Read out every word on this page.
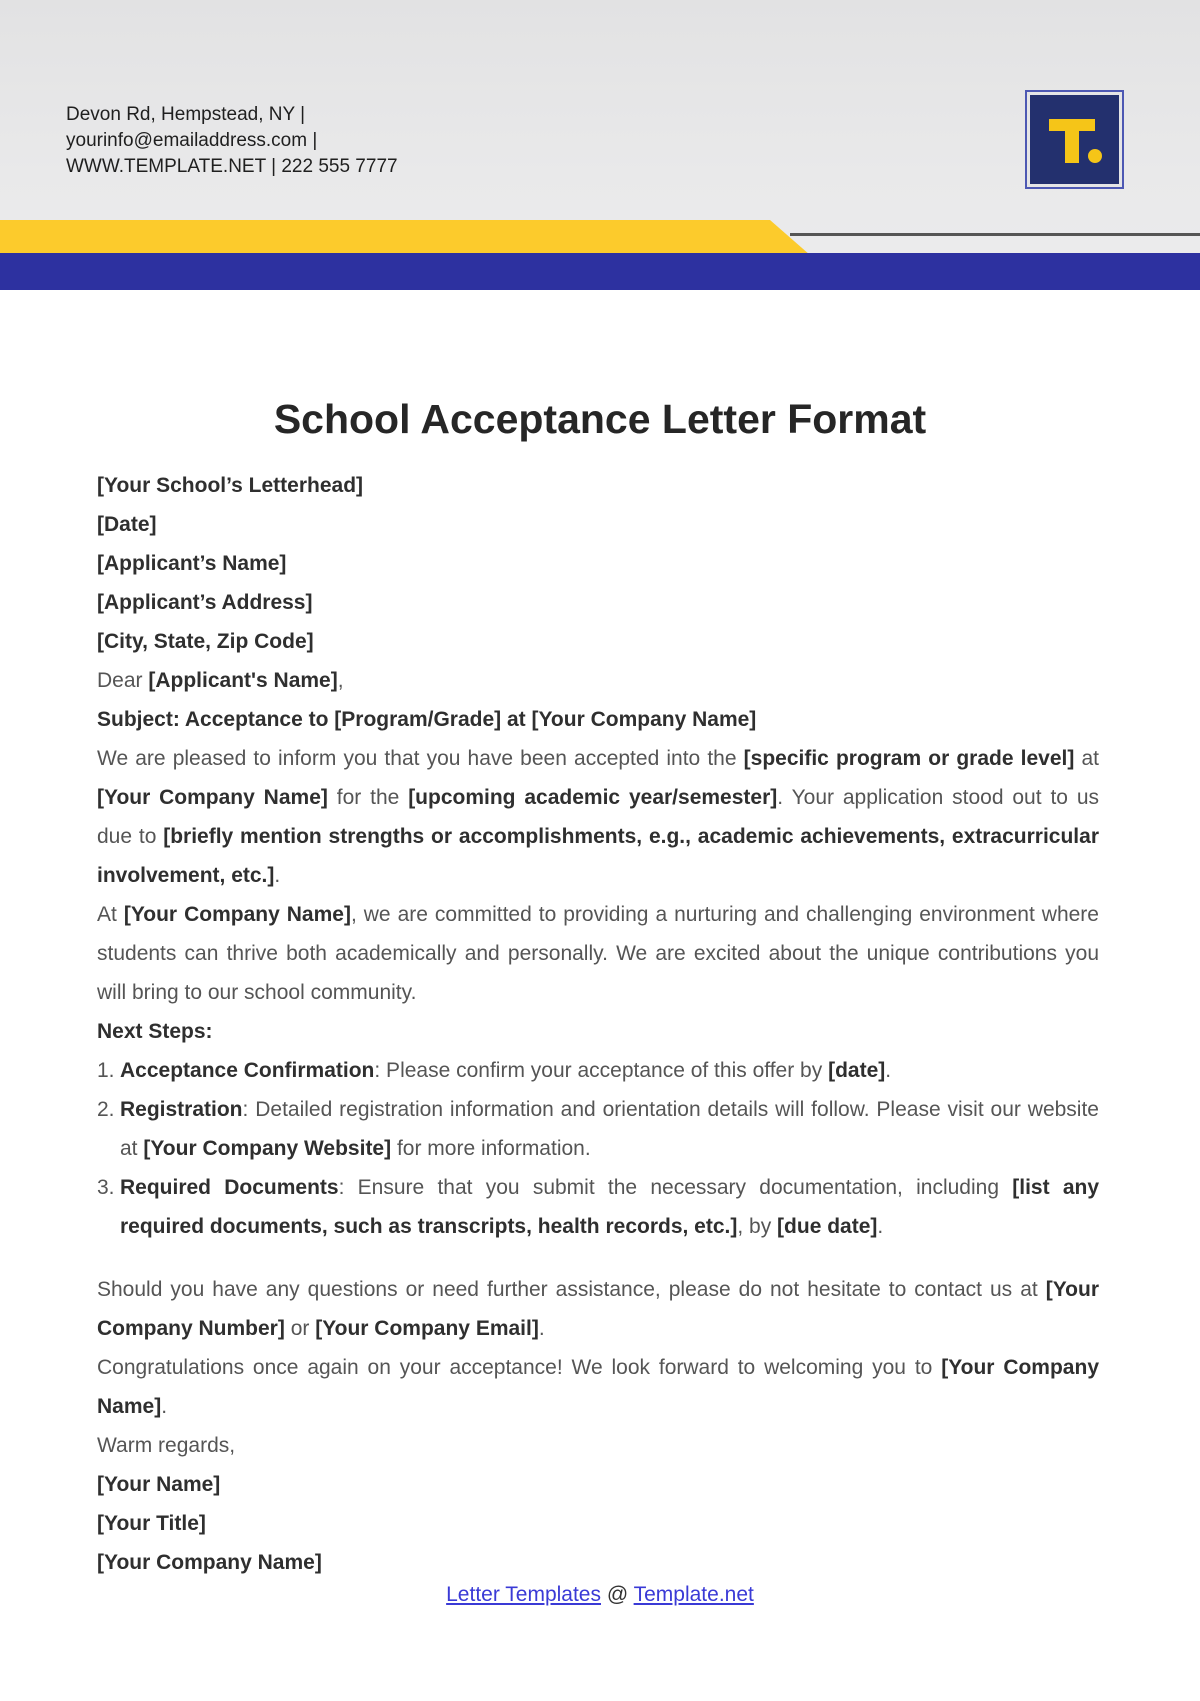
Devon Rd, Hempstead, NY |
yourinfo@emailaddress.com |
WWW.TEMPLATE.NET | 222 555 7777
School Acceptance Letter Format

[Your School’s Letterhead]

[Date]

[Applicant’s Name]

[Applicant’s Address]

[City, State, Zip Code]

Dear [Applicant's Name],

Subject: Acceptance to [Program/Grade] at [Your Company Name]

We are pleased to inform you that you have been accepted into the [specific program or grade level] at [Your Company Name] for the [upcoming academic year/semester]. Your application stood out to us due to [briefly mention strengths or accomplishments, e.g., academic achievements, extracurricular involvement, etc.].

At [Your Company Name], we are committed to providing a nurturing and challenging environment where students can thrive both academically and personally. We are excited about the unique contributions you will bring to our school community.

Next Steps:

1. Acceptance Confirmation: Please confirm your acceptance of this offer by [date].
2. Registration: Detailed registration information and orientation details will follow. Please visit our website at [Your Company Website] for more information.
3. Required Documents: Ensure that you submit the necessary documentation, including [list any required documents, such as transcripts, health records, etc.], by [due date].

Should you have any questions or need further assistance, please do not hesitate to contact us at [Your Company Number] or [Your Company Email].

Congratulations once again on your acceptance! We look forward to welcoming you to [Your Company Name].

Warm regards,

[Your Name]

[Your Title]

[Your Company Name]

Letter Templates @ Template.net
